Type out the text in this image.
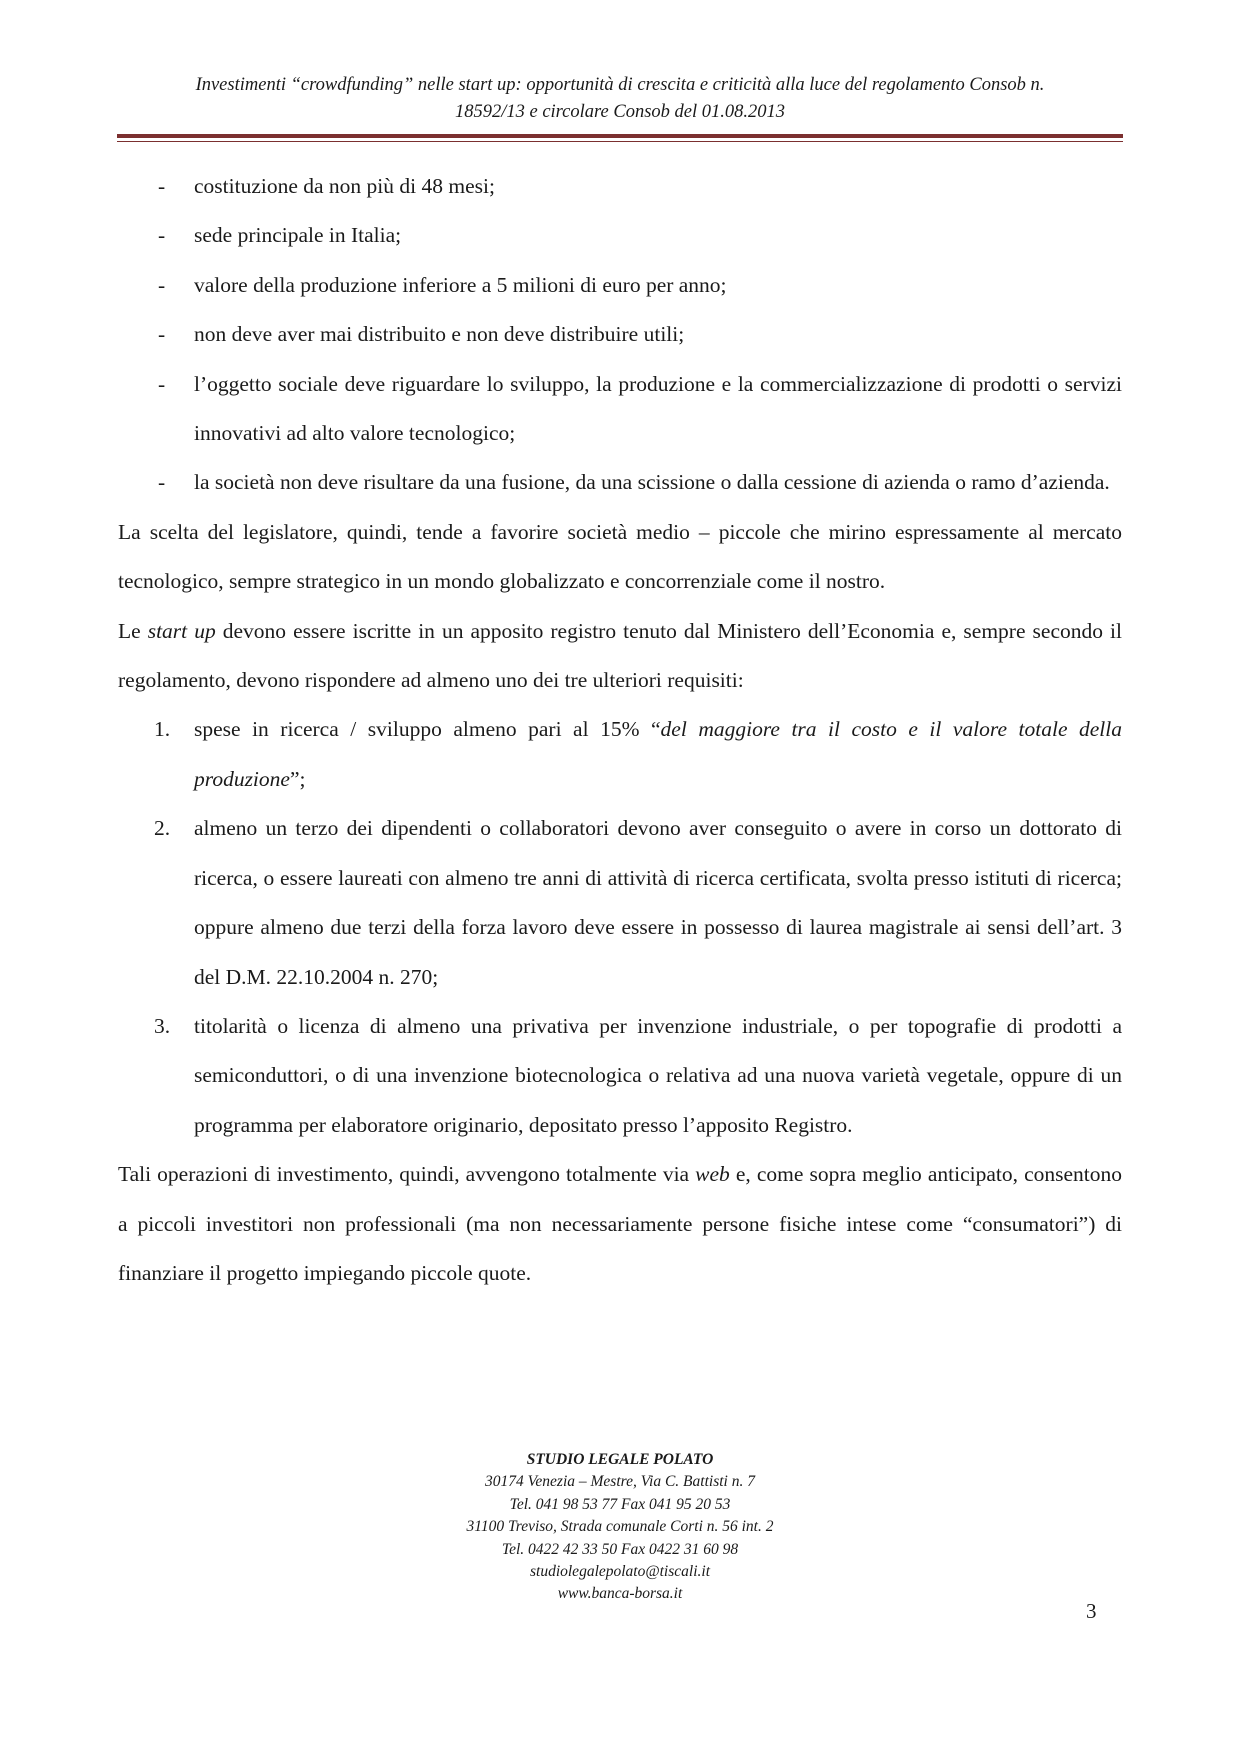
Investimenti “crowdfunding” nelle start up: opportunità di crescita e criticità alla luce del regolamento Consob n.
18592/13 e circolare Consob del 01.08.2013
- costituzione da non più di 48 mesi;
- sede principale in Italia;
- valore della produzione inferiore a 5 milioni di euro per anno;
- non deve aver mai distribuito e non deve distribuire utili;
- l’oggetto sociale deve riguardare lo sviluppo, la produzione e la commercializzazione di prodotti o servizi innovativi ad alto valore tecnologico;
- la società non deve risultare da una fusione, da una scissione o dalla cessione di azienda o ramo d’azienda.
La scelta del legislatore, quindi, tende a favorire società medio – piccole che mirino espressamente al mercato tecnologico, sempre strategico in un mondo globalizzato e concorrenziale come il nostro.
Le start up devono essere iscritte in un apposito registro tenuto dal Ministero dell’Economia e, sempre secondo il regolamento, devono rispondere ad almeno uno dei tre ulteriori requisiti:
1. spese in ricerca / sviluppo almeno pari al 15% “del maggiore tra il costo e il valore totale della produzione”;
2. almeno un terzo dei dipendenti o collaboratori devono aver conseguito o avere in corso un dottorato di ricerca, o essere laureati con almeno tre anni di attività di ricerca certificata, svolta presso istituti di ricerca; oppure almeno due terzi della forza lavoro deve essere in possesso di laurea magistrale ai sensi dell’art. 3 del D.M. 22.10.2004 n. 270;
3. titolarità o licenza di almeno una privativa per invenzione industriale, o per topografie di prodotti a semiconduttori, o di una invenzione biotecnologica o relativa ad una nuova varietà vegetale, oppure di un programma per elaboratore originario, depositato presso l’apposito Registro.
Tali operazioni di investimento, quindi, avvengono totalmente via web e, come sopra meglio anticipato, consentono a piccoli investitori non professionali (ma non necessariamente persone fisiche intese come “consumatori”) di finanziare il progetto impiegando piccole quote.
STUDIO LEGALE POLATO
30174 Venezia – Mestre, Via C. Battisti n. 7
Tel. 041 98 53 77 Fax 041 95 20 53
31100 Treviso, Strada comunale Corti n. 56 int. 2
Tel. 0422 42 33 50 Fax 0422 31 60 98
studiolegalepolato@tiscali.it
www.banca-borsa.it
3
